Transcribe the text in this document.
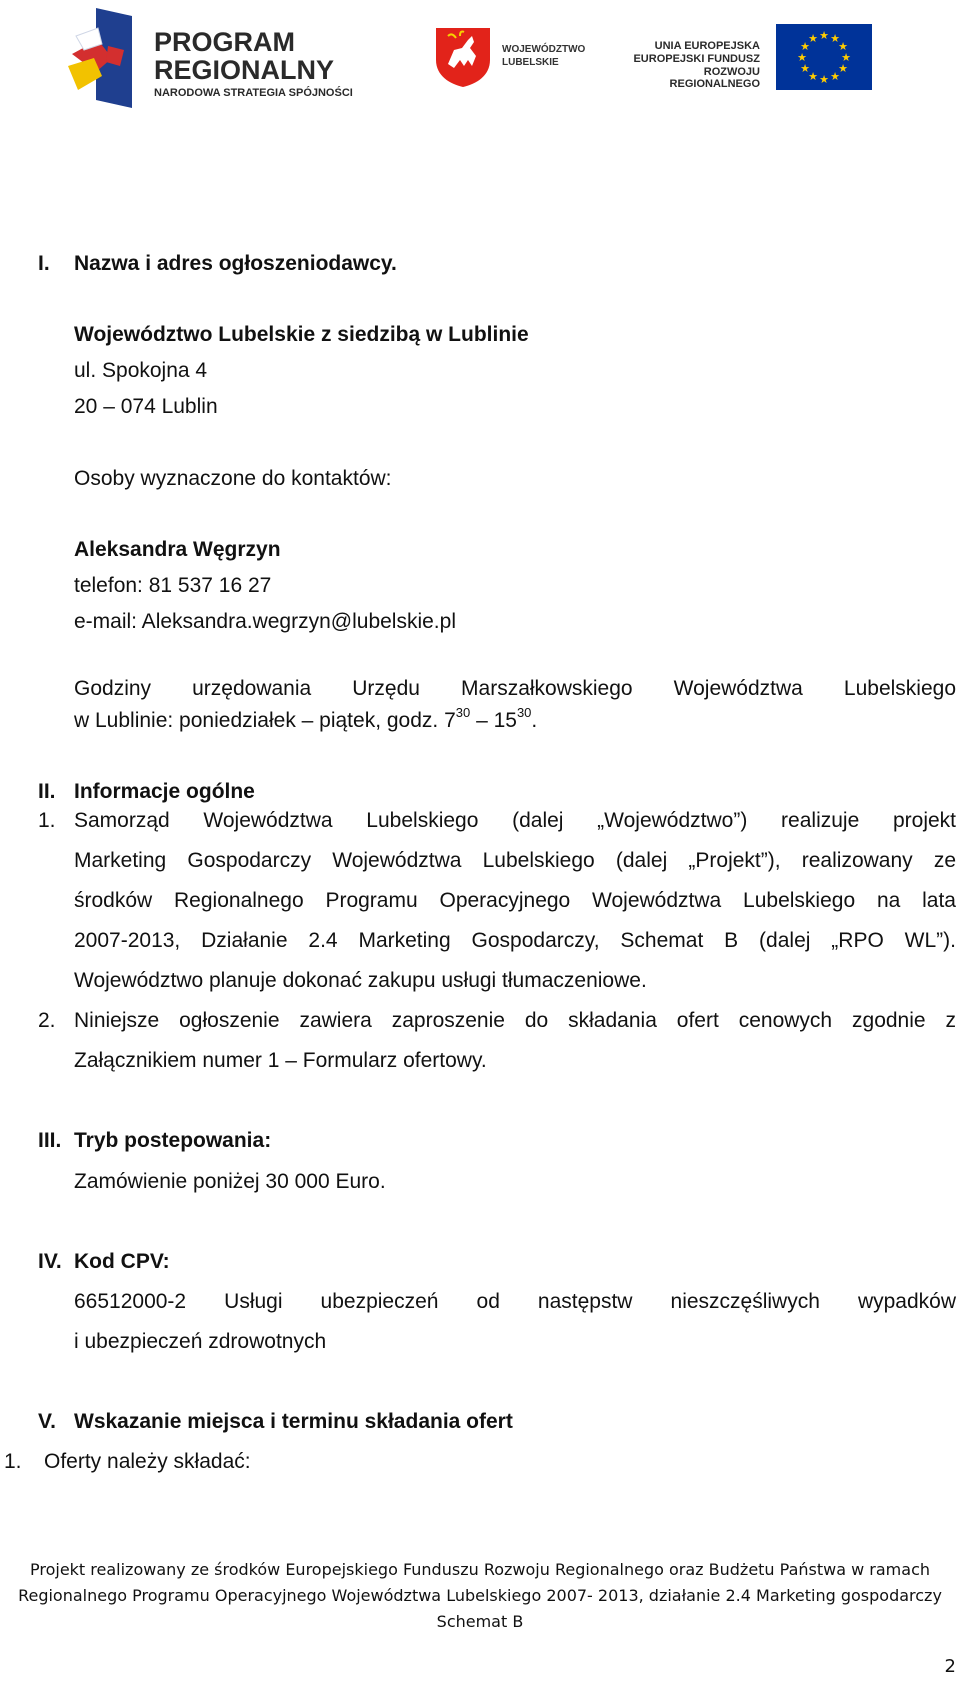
PROGRAM
REGIONALNY
NARODOWA STRATEGIA SPÓJNOŚCI
WOJEWÓDZTWO
LUBELSKIE
UNIA EUROPEJSKA
EUROPEJSKI FUNDUSZ
ROZWOJU REGIONALNEGO
★ ★
★
★
★
★
★
★
★
★
★
★
I. Nazwa i adres ogłoszeniodawcy.
Województwo Lubelskie z siedzibą w Lublinie
ul. Spokojna 4
20 – 074 Lublin
Osoby wyznaczone do kontaktów:
Aleksandra Węgrzyn
telefon: 81 537 16 27
e-mail: Aleksandra.wegrzyn@lubelskie.pl
Godziny urzędowania Urzędu Marszałkowskiego Województwa Lubelskiego
w Lublinie: poniedziałek – piątek, godz. $7^{30} - 15^{30}$.
II. Informacje ogólne
1. Samorząd Województwa Lubelskiego (dalej „Województwo”) realizuje projekt
Marketing Gospodarczy Województwa Lubelskiego (dalej „Projekt”), realizowany ze
środków Regionalnego Programu Operacyjnego Województwa Lubelskiego na lata
2007-2013, Działanie 2.4 Marketing Gospodarczy, Schemat B (dalej „RPO WL”).
Województwo planuje dokonać zakupu usługi tłumaczeniowe.
2. Niniejsze ogłoszenie zawiera zaproszenie do składania ofert cenowych zgodnie z
Załącznikiem numer 1 – Formularz ofertowy.
III. Tryb postepowania:
Zamówienie poniżej 30 000 Euro.
IV. Kod CPV:
66512000-2 Usługi ubezpieczeń od następstw nieszczęśliwych wypadków
i ubezpieczeń zdrowotnych
V. Wskazanie miejsca i terminu składania ofert
1. Oferty należy składać:
Projekt realizowany ze środków Europejskiego Funduszu Rozwoju Regionalnego oraz Budżetu Państwa w ramach
Regionalnego Programu Operacyjnego Województwa Lubelskiego 2007- 2013, działanie 2.4 Marketing gospodarczy
Schemat B
2
